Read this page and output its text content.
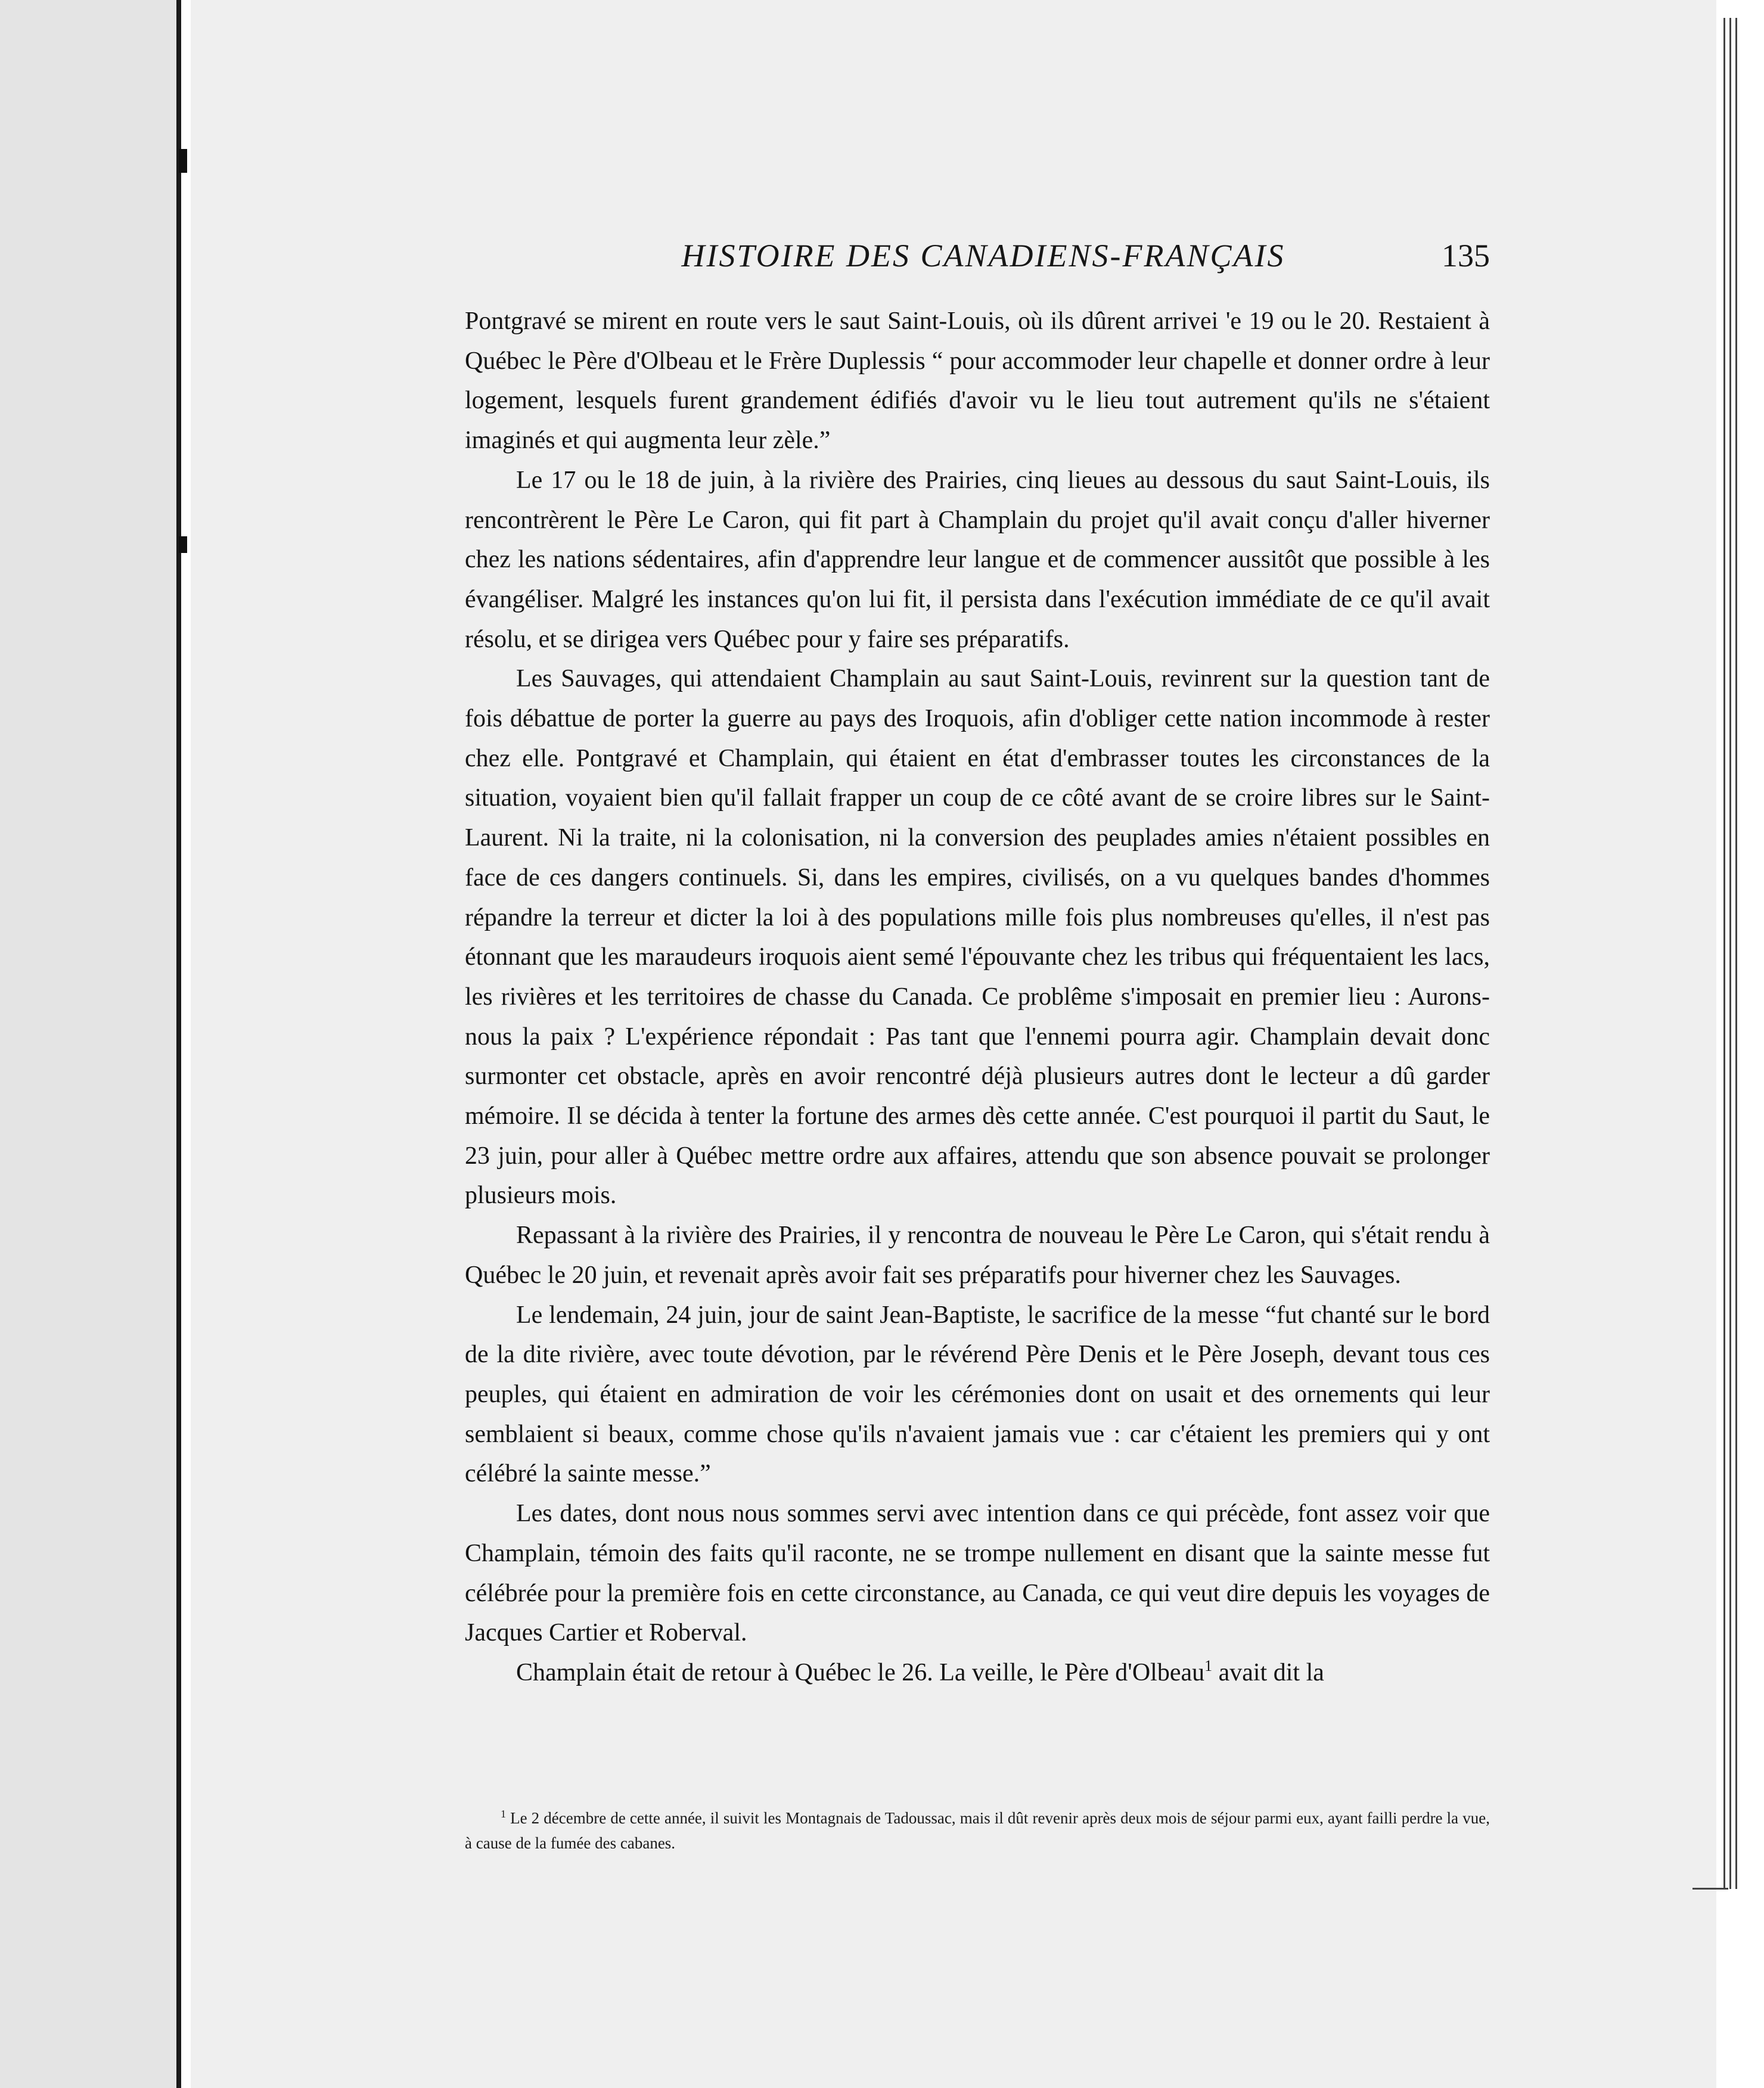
HISTOIRE DES CANADIENS-FRANÇAIS	135

Pontgravé se mirent en route vers le saut Saint-Louis, où ils dûrent arrivei 'e 19 ou le 20. Restaient à Québec le Père d'Olbeau et le Frère Duplessis “ pour accommoder leur chapelle et donner ordre à leur logement, lesquels furent grandement édifiés d'avoir vu le lieu tout autrement qu'ils ne s'étaient imaginés et qui augmenta leur zèle.”

Le 17 ou le 18 de juin, à la rivière des Prairies, cinq lieues au dessous du saut Saint-Louis, ils rencontrèrent le Père Le Caron, qui fit part à Champlain du projet qu'il avait conçu d'aller hiverner chez les nations sédentaires, afin d'apprendre leur langue et de commencer aussitôt que possible à les évangéliser. Malgré les instances qu'on lui fit, il persista dans l'exécution immédiate de ce qu'il avait résolu, et se dirigea vers Québec pour y faire ses préparatifs.

Les Sauvages, qui attendaient Champlain au saut Saint-Louis, revinrent sur la question tant de fois débattue de porter la guerre au pays des Iroquois, afin d'obliger cette nation incommode à rester chez elle. Pontgravé et Champlain, qui étaient en état d'embrasser toutes les circonstances de la situation, voyaient bien qu'il fallait frapper un coup de ce côté avant de se croire libres sur le Saint-Laurent. Ni la traite, ni la colonisation, ni la conversion des peuplades amies n'étaient possibles en face de ces dangers continuels. Si, dans les empires, civilisés, on a vu quelques bandes d'hommes répandre la terreur et dicter la loi à des populations mille fois plus nombreuses qu'elles, il n'est pas étonnant que les maraudeurs iroquois aient semé l'épouvante chez les tribus qui fréquentaient les lacs, les rivières et les territoires de chasse du Canada. Ce problême s'imposait en premier lieu : Aurons-nous la paix ? L'expérience répondait : Pas tant que l'ennemi pourra agir. Champlain devait donc surmonter cet obstacle, après en avoir rencontré déjà plusieurs autres dont le lecteur a dû garder mémoire. Il se décida à tenter la fortune des armes dès cette année. C'est pourquoi il partit du Saut, le 23 juin, pour aller à Québec mettre ordre aux affaires, attendu que son absence pouvait se prolonger plusieurs mois.

Repassant à la rivière des Prairies, il y rencontra de nouveau le Père Le Caron, qui s'était rendu à Québec le 20 juin, et revenait après avoir fait ses préparatifs pour hiverner chez les Sauvages.

Le lendemain, 24 juin, jour de saint Jean-Baptiste, le sacrifice de la messe “fut chanté sur le bord de la dite rivière, avec toute dévotion, par le révérend Père Denis et le Père Joseph, devant tous ces peuples, qui étaient en admiration de voir les cérémonies dont on usait et des ornements qui leur semblaient si beaux, comme chose qu'ils n'avaient jamais vue : car c'étaient les premiers qui y ont célébré la sainte messe.”

Les dates, dont nous nous sommes servi avec intention dans ce qui précède, font assez voir que Champlain, témoin des faits qu'il raconte, ne se trompe nullement en disant que la sainte messe fut célébrée pour la première fois en cette circonstance, au Canada, ce qui veut dire depuis les voyages de Jacques Cartier et Roberval.

Champlain était de retour à Québec le 26. La veille, le Père d'Olbeau$^1$ avait dit la

$^1$ Le 2 décembre de cette année, il suivit les Montagnais de Tadoussac, mais il dût revenir après deux mois de séjour parmi eux, ayant failli perdre la vue, à cause de la fumée des cabanes.
